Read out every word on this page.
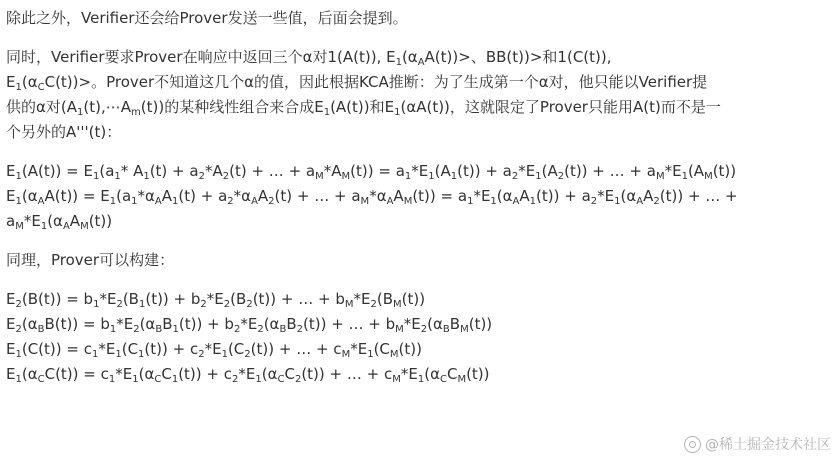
除此之外，Verifier还会给Prover发送一些值，后面会提到。

同时，Verifier要求Prover在响应中返回三个α对1(A(t)), $E_1(\alpha_AA(t))>$、BB(t))>和1(C(t)),

$E_1(\alpha_CC(t))>$。Prover不知道这几个α的值，因此根据KCA推断：为了生成第一个α对，他只能以Verifier提

供的α对$(A_1(t),\cdots A_m(t))$的某种线性组合来合成$E_1(A(t))$和$E_1(\alpha A(t))$，这就限定了Prover只能用A(t)而不是一

个另外的A'''(t)：

$E_1(A(t)) = E_1(a_1*$ $A_1(t) + a_2*A_2(t)$ + … + $a_M*A_M(t)) = a_1*E_1(A_1(t)) + a_2*E_1(A_2(t))$ + … + $a_M*E_1(A_M(t))$

$E_1(\alpha_AA(t)) = E_1(a_1*\alpha_AA_1(t) + a_2*\alpha_AA_2(t)$ + … + $a_M*\alpha_AA_M(t)) = a_1*E_1(\alpha_AA_1(t)) + a_2*E_1(\alpha_AA_2(t))$ + … +

$a_M*E_1(\alpha_AA_M(t))$

同理，Prover可以构建：

$E_2(B(t)) = b_1*E_2(B_1(t)) + b_2*E_2(B_2(t))$ + … + $b_M*E_2(B_M(t))$

$E_2(\alpha_BB(t)) = b_1*E_2(\alpha_BB_1(t)) + b_2*E_2(\alpha_BB_2(t))$ + … + $b_M*E_2(\alpha_BB_M(t))$

$E_1(C(t)) = c_1*E_1(C_1(t)) + c_2*E_1(C_2(t))$ + … + $c_M*E_1(C_M(t))$

$E_1(\alpha_CC(t)) = c_1*E_1(\alpha_CC_1(t)) + c_2*E_1(\alpha_CC_2(t))$ + … + $c_M*E_1(\alpha_CC_M(t))$

@稀土掘金技术社区
